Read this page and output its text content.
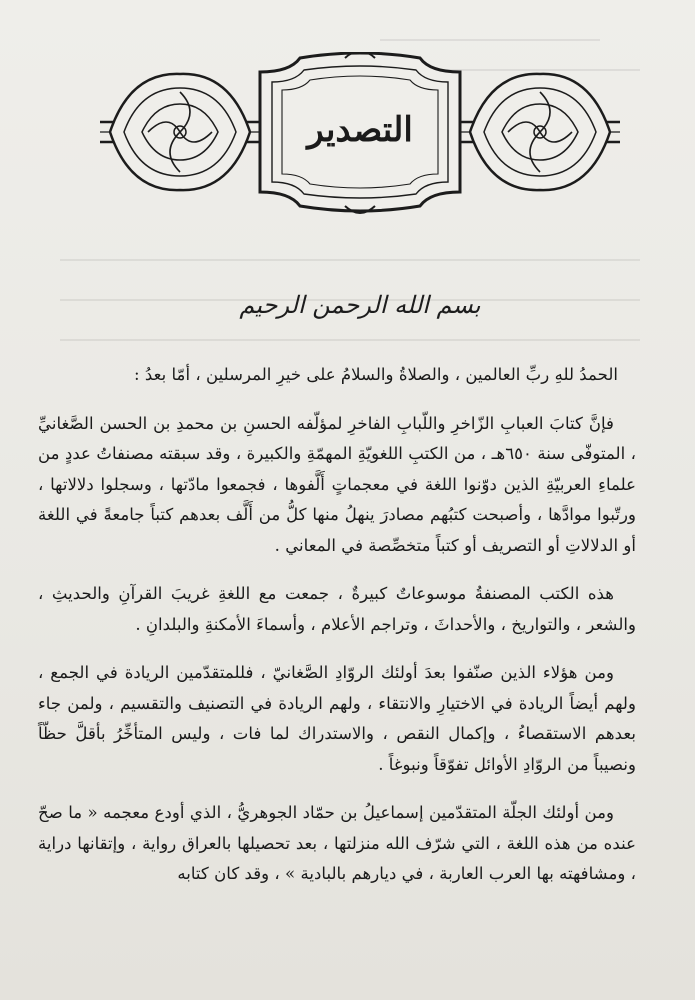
التصدير
بسم الله الرحمن الرحيم

الحمدُ للهِ ربِّ العالمين ، والصلاةُ والسلامُ على خيرِ المرسلين ، أمّا بعدُ :

فإنَّ كتابَ العبابِ الزّاخرِ واللّبابِ الفاخرِ لمؤلّفه الحسنِ بن محمدِ بن الحسن الصَّغانيِّ ، المتوفّى سنة ٦٥٠هـ ، من الكتبِ اللغويّةِ المهمّةِ والكبيرة ، وقد سبقته مصنفاتُ عددٍ من علماءِ العربيّةِ الذين دوّنوا اللغة في معجماتٍ أَلَّفوها ، فجمعوا مادّتها ، وسجلوا دلالاتها ، ورتّبوا موادَّها ، وأصبحت كتبُهم مصادرَ ينهلُ منها كلُّ من أَلَّف بعدهم كتباً جامعةً في اللغة أو الدلالاتِ أو التصريف أو كتباً متخصِّصة في المعاني .

هذه الكتب المصنفةُ موسوعاتٌ كبيرةٌ ، جمعت مع اللغةِ غريبَ القرآنِ والحديثِ ، والشعر ، والتواريخ ، والأحداثَ ، وتراجم الأعلام ، وأسماءَ الأمكنةِ والبلدانِ .

ومن هؤلاء الذين صنّفوا بعدَ أولئك الروّادِ الصَّغانيّ ، فللمتقدّمين الريادة في الجمع ، ولهم أيضاً الريادة في الاختيارِ والانتقاء ، ولهم الريادة في التصنيف والتقسيم ، ولمن جاء بعدهم الاستقصاءُ ، وإكمال النقص ، والاستدراك لما فات ، وليس المتأخِّرُ بأقلَّ حظّاً ونصيباً من الروّادِ الأوائل تفوّقاً ونبوغاً .

ومن أولئك الجلّة المتقدّمين إسماعيلُ بن حمّاد الجوهريُّ ، الذي أودع معجمه « ما صحّ عنده من هذه اللغة ، التي شرّف الله منزلتها ، بعد تحصيلها بالعراق رواية ، وإتقانها دراية ، ومشافهته بها العرب العاربة ، في ديارهم بالبادية » ، وقد كان كتابه
